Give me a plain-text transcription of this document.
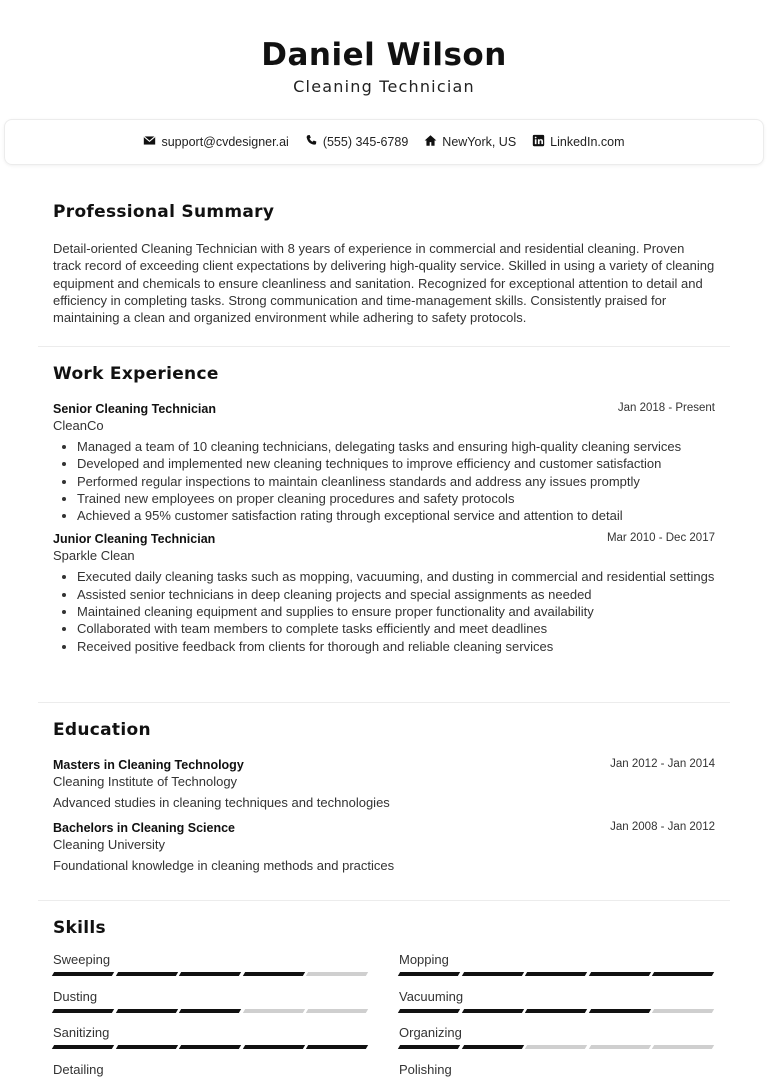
Daniel Wilson
Cleaning Technician
support@cvdesigner.ai	(555) 345-6789	NewYork, US	LinkedIn.com
Professional Summary
Detail-oriented Cleaning Technician with 8 years of experience in commercial and residential cleaning. Proven track record of exceeding client expectations by delivering high-quality service. Skilled in using a variety of cleaning equipment and chemicals to ensure cleanliness and sanitation. Recognized for exceptional attention to detail and efficiency in completing tasks. Strong communication and time-management skills. Consistently praised for maintaining a clean and organized environment while adhering to safety protocols.
Work Experience
Senior Cleaning Technician	Jan 2018 - Present
CleanCo
• Managed a team of 10 cleaning technicians, delegating tasks and ensuring high-quality cleaning services
• Developed and implemented new cleaning techniques to improve efficiency and customer satisfaction
• Performed regular inspections to maintain cleanliness standards and address any issues promptly
• Trained new employees on proper cleaning procedures and safety protocols
• Achieved a 95% customer satisfaction rating through exceptional service and attention to detail
Junior Cleaning Technician	Mar 2010 - Dec 2017
Sparkle Clean
• Executed daily cleaning tasks such as mopping, vacuuming, and dusting in commercial and residential settings
• Assisted senior technicians in deep cleaning projects and special assignments as needed
• Maintained cleaning equipment and supplies to ensure proper functionality and availability
• Collaborated with team members to complete tasks efficiently and meet deadlines
• Received positive feedback from clients for thorough and reliable cleaning services
Education
Masters in Cleaning Technology	Jan 2012 - Jan 2014
Cleaning Institute of Technology
Advanced studies in cleaning techniques and technologies
Bachelors in Cleaning Science	Jan 2008 - Jan 2012
Cleaning University
Foundational knowledge in cleaning methods and practices
Skills
Sweeping	Mopping
Dusting	Vacuuming
Sanitizing	Organizing
Detailing	Polishing
